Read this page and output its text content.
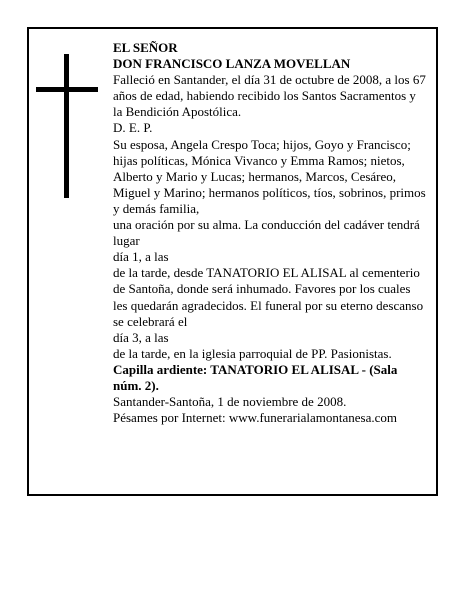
EL SEÑOR

DON FRANCISCO LANZA MOVELLAN

Falleció en Santander, el día 31 de octubre de 2008, a los 67 años de edad, habiendo recibido los Santos Sacramentos y la Bendición Apostólica.

D. E. P.

Su esposa, Angela Crespo Toca; hijos, Goyo y Francisco; hijas políticas, Mónica Vivanco y Emma Ramos; nietos, Alberto y Mario y Lucas; hermanos, Marcos, Cesáreo, Miguel y Marino; hermanos políticos, tíos, sobrinos, primos y demás familia,

una oración por su alma. La conducción del cadáver tendrá lugar

día 1, a las

de la tarde, desde TANATORIO EL ALISAL al cementerio de Santoña, donde será inhumado. Favores por los cuales les quedarán agradecidos. El funeral por su eterno descanso se celebrará el

día 3, a las

de la tarde, en la iglesia parroquial de PP. Pasionistas.

Capilla ardiente: TANATORIO EL ALISAL - (Sala núm. 2).

Santander-Santoña, 1 de noviembre de 2008.

Pésames por Internet: www.funerarialamontanesa.com
